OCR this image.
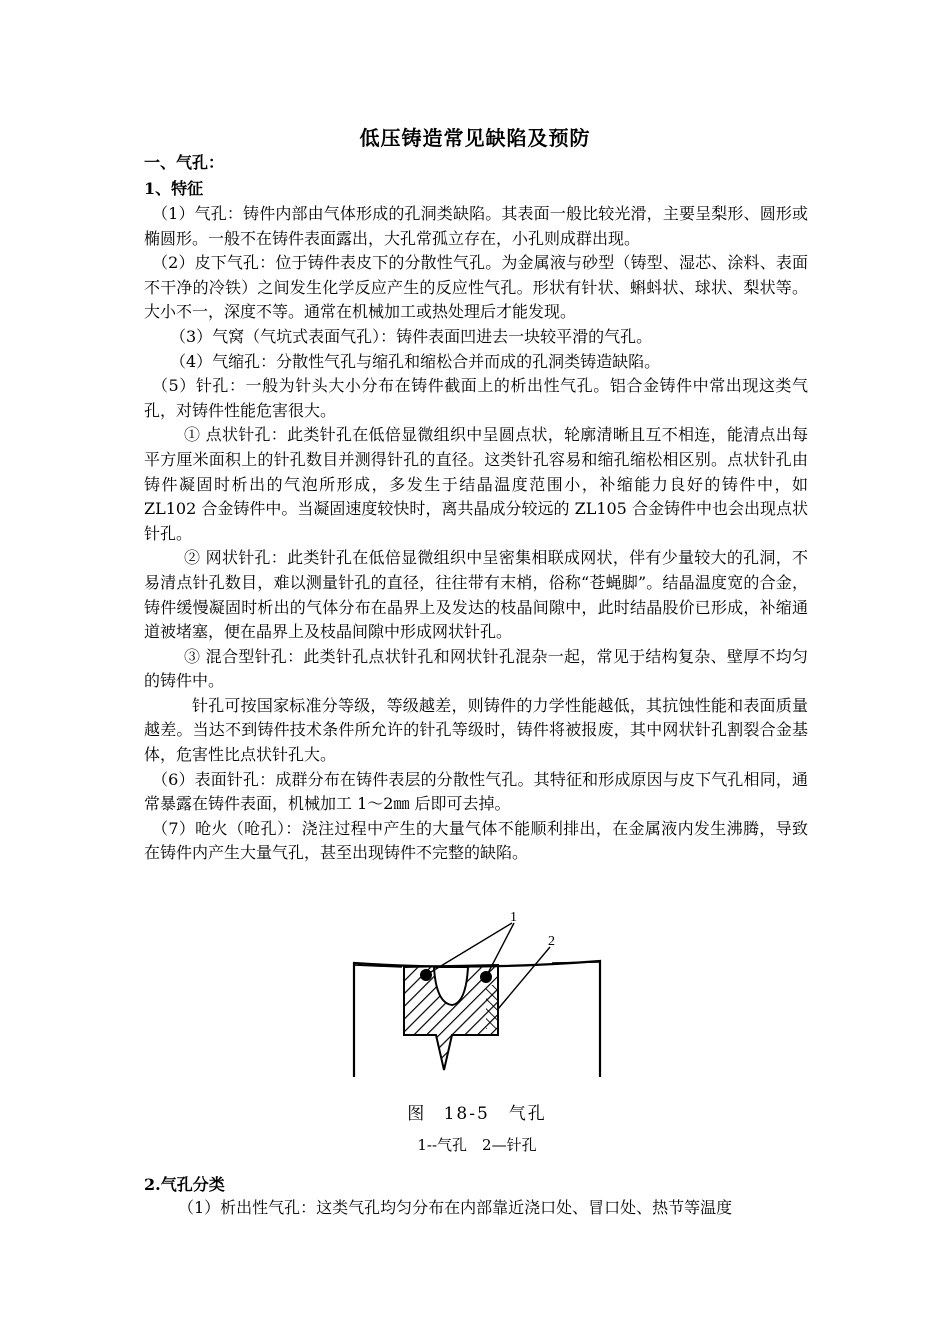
低压铸造常见缺陷及预防
一、气孔：
1、特征

（1）气孔：铸件内部由气体形成的孔洞类缺陷。其表面一般比较光滑，主要呈梨形、圆形或椭圆形。一般不在铸件表面露出，大孔常孤立存在，小孔则成群出现。

（2）皮下气孔：位于铸件表皮下的分散性气孔。为金属液与砂型（铸型、湿芯、涂料、表面不干净的冷铁）之间发生化学反应产生的反应性气孔。形状有针状、蝌蚪状、球状、梨状等。大小不一，深度不等。通常在机械加工或热处理后才能发现。

（3）气窝（气坑式表面气孔）：铸件表面凹进去一块较平滑的气孔。

（4）气缩孔：分散性气孔与缩孔和缩松合并而成的孔洞类铸造缺陷。

（5）针孔：一般为针头大小分布在铸件截面上的析出性气孔。铝合金铸件中常出现这类气孔，对铸件性能危害很大。

① 点状针孔：此类针孔在低倍显微组织中呈圆点状，轮廓清晰且互不相连，能清点出每平方厘米面积上的针孔数目并测得针孔的直径。这类针孔容易和缩孔缩松相区别。点状针孔由铸件凝固时析出的气泡所形成，多发生于结晶温度范围小，补缩能力良好的铸件中，如 ZL102 合金铸件中。当凝固速度较快时，离共晶成分较远的 ZL105 合金铸件中也会出现点状 针孔。

② 网状针孔：此类针孔在低倍显微组织中呈密集相联成网状，伴有少量较大的孔洞，不易清点针孔数目，难以测量针孔的直径，往往带有末梢，俗称“苍蝇脚”。结晶温度宽的合金，铸件缓慢凝固时析出的气体分布在晶界上及发达的枝晶间隙中，此时结晶股价已形成，补缩通道被堵塞，便在晶界上及枝晶间隙中形成网状针孔。

③ 混合型针孔：此类针孔点状针孔和网状针孔混杂一起，常见于结构复杂、壁厚不均匀的铸件中。

针孔可按国家标准分等级，等级越差，则铸件的力学性能越低，其抗蚀性能和表面质量越差。当达不到铸件技术条件所允许的针孔等级时，铸件将被报废，其中网状针孔割裂合金基体，危害性比点状针孔大。

（6）表面针孔：成群分布在铸件表层的分散性气孔。其特征和形成原因与皮下气孔相同，通常暴露在铸件表面，机械加工 1～2㎜ 后即可去掉。

（7）呛火（呛孔）：浇注过程中产生的大量气体不能顺利排出，在金属液内发生沸腾，导致在铸件内产生大量气孔，甚至出现铸件不完整的缺陷。

1
2
图 18-5　气孔
1--气孔　2—针孔
2.气孔分类
（1）析出性气孔：这类气孔均匀分布在内部靠近浇口处、冒口处、热节等温度
